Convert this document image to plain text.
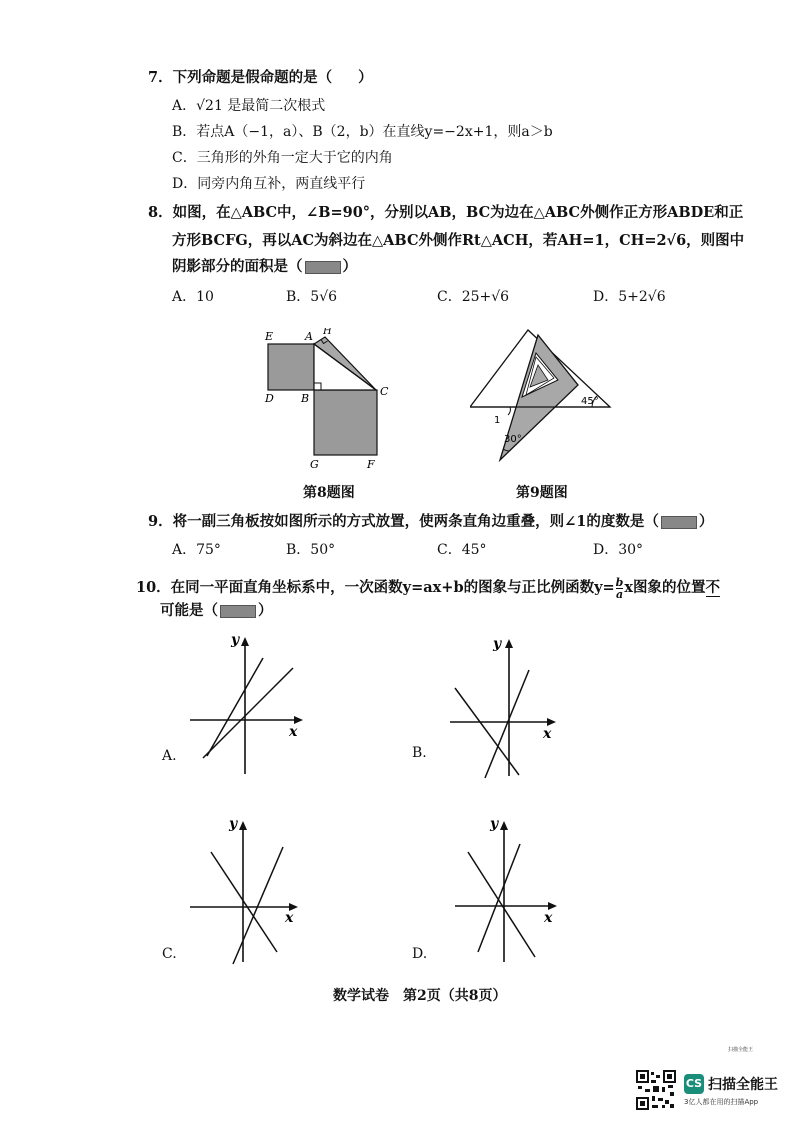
7．下列命题是假命题的是（ ）
A．√21 是最简二次根式
B．若点A（−1，a）、B（2，b）在直线y=−2x+1，则a＞b
C．三角形的外角一定大于它的内角
D．同旁内角互补，两直线平行
8．如图，在△ABC中，∠B=90°，分别以AB，BC为边在△ABC外侧作正方形ABDE和正
方形BCFG，再以AC为斜边在△ABC外侧作Rt△ACH，若AH=1，CH=2√6，则图中
阴影部分的面积是（	）
A．10	B．5√6	C．25+√6	D．5+2√6
E	A H
D B
C
G	F
第8题图
45°
30°
1
第9题图
9．将一副三角板按如图所示的方式放置，使两条直角边重叠，则∠1的度数是（	）
A．75°	B．50°	C．45°	D．30°
10．在同一平面直角坐标系中，一次函数y=ax+b的图象与正比例函数$y= \frac{b}{a}$ x图象的位置不
可能是（	）
x
y
A.
x
y
B.
x
y
C.
x
y
D.
数学试卷　第2页（共8页）
扫描全能王
CS 扫描全能王
3亿人都在用的扫描App
